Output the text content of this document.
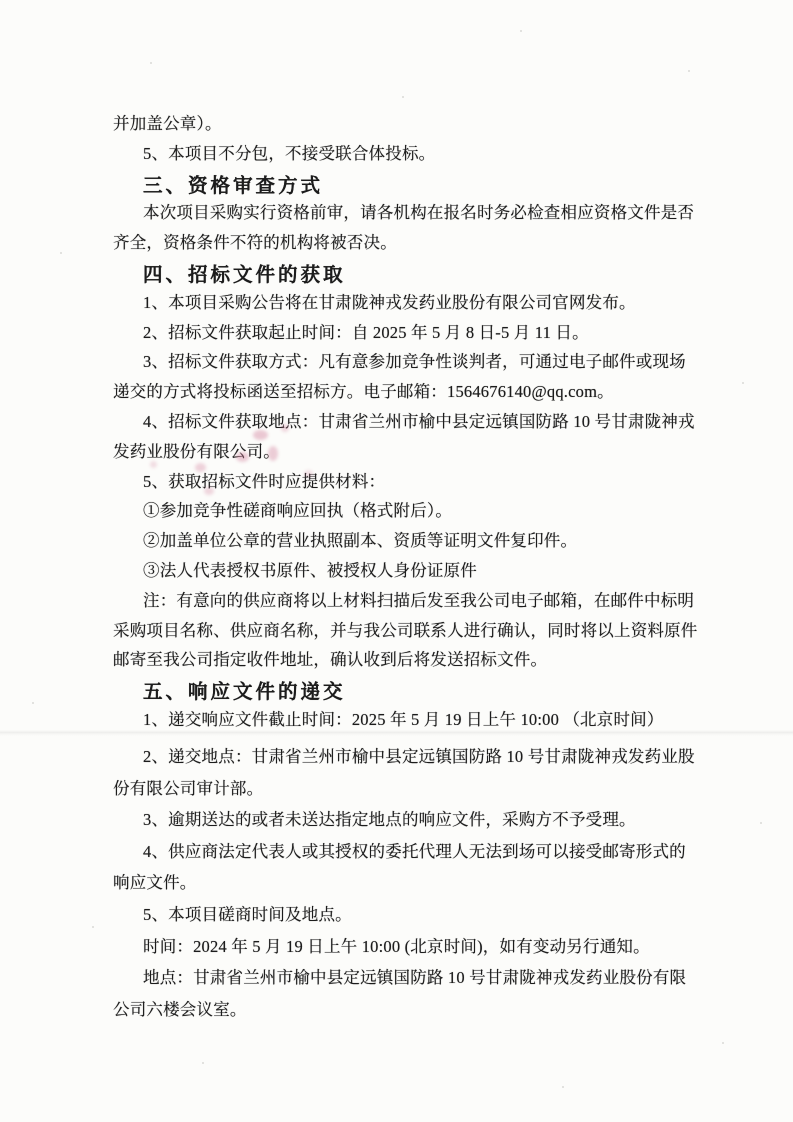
并加盖公章）。
5、本项目不分包，不接受联合体投标。
三、资格审查方式
本次项目采购实行资格前审，请各机构在报名时务必检查相应资格文件是否
齐全，资格条件不符的机构将被否决。
四、招标文件的获取
1、本项目采购公告将在甘肃陇神戎发药业股份有限公司官网发布。
2、招标文件获取起止时间：自 2025 年 5 月 8 日-5 月 11 日。
3、招标文件获取方式：凡有意参加竞争性谈判者，可通过电子邮件或现场
递交的方式将投标函送至招标方。电子邮箱：1564676140@qq.com。
4、招标文件获取地点：甘肃省兰州市榆中县定远镇国防路 10 号甘肃陇神戎
发药业股份有限公司。
5、获取招标文件时应提供材料：
①参加竞争性磋商响应回执（格式附后）。
②加盖单位公章的营业执照副本、资质等证明文件复印件。
③法人代表授权书原件、被授权人身份证原件
注：有意向的供应商将以上材料扫描后发至我公司电子邮箱，在邮件中标明
采购项目名称、供应商名称，并与我公司联系人进行确认，同时将以上资料原件
邮寄至我公司指定收件地址，确认收到后将发送招标文件。
五、响应文件的递交
1、递交响应文件截止时间：2025 年 5 月 19 日上午 10:00 （北京时间）
2、递交地点：甘肃省兰州市榆中县定远镇国防路 10 号甘肃陇神戎发药业股
份有限公司审计部。
3、逾期送达的或者未送达指定地点的响应文件，采购方不予受理。
4、供应商法定代表人或其授权的委托代理人无法到场可以接受邮寄形式的
响应文件。
5、本项目磋商时间及地点。
时间：2024 年 5 月 19 日上午 10:00 (北京时间)，如有变动另行通知。
地点：甘肃省兰州市榆中县定远镇国防路 10 号甘肃陇神戎发药业股份有限
公司六楼会议室。
